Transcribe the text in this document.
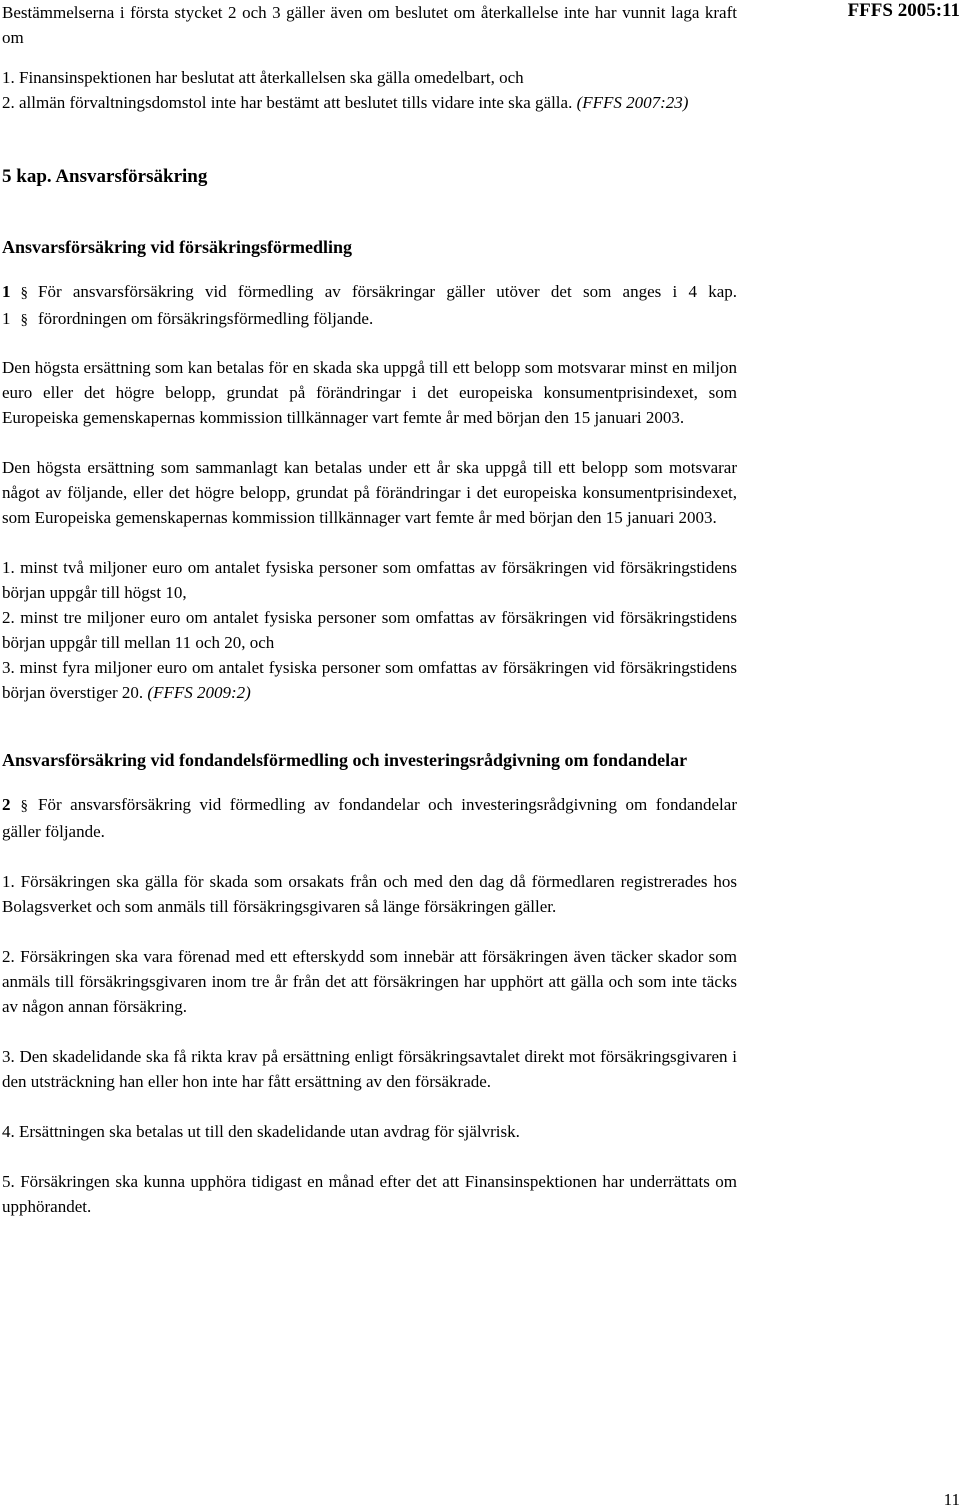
FFFS 2005:11

Bestämmelserna i första stycket 2 och 3 gäller även om beslutet om återkallelse inte har vunnit laga kraft om

1. Finansinspektionen har beslutat att återkallelsen ska gälla omedelbart, och

2. allmän förvaltningsdomstol inte har bestämt att beslutet tills vidare inte ska gälla. (FFFS 2007:23)

5 kap. Ansvarsförsäkring
Ansvarsförsäkring vid försäkringsförmedling

1 § För ansvarsförsäkring vid förmedling av försäkringar gäller utöver det som anges i 4 kap. 1 § förordningen om försäkringsförmedling följande.

Den högsta ersättning som kan betalas för en skada ska uppgå till ett belopp som motsvarar minst en miljon euro eller det högre belopp, grundat på förändringar i det europeiska konsumentprisindexet, som Europeiska gemenskapernas kommission tillkännager vart femte år med början den 15 januari 2003.

Den högsta ersättning som sammanlagt kan betalas under ett år ska uppgå till ett belopp som motsvarar något av följande, eller det högre belopp, grundat på förändringar i det europeiska konsumentprisindexet, som Europeiska gemenskapernas kommission tillkännager vart femte år med början den 15 januari 2003.

1. minst två miljoner euro om antalet fysiska personer som omfattas av försäkringen vid försäkringstidens början uppgår till högst 10,

2. minst tre miljoner euro om antalet fysiska personer som omfattas av försäkringen vid försäkringstidens början uppgår till mellan 11 och 20, och

3. minst fyra miljoner euro om antalet fysiska personer som omfattas av försäkringen vid försäkringstidens början överstiger 20. (FFFS 2009:2)

Ansvarsförsäkring vid fondandelsförmedling och investeringsrådgivning om fondandelar

2 § För ansvarsförsäkring vid förmedling av fondandelar och investeringsrådgivning om fondandelar gäller följande.

1. Försäkringen ska gälla för skada som orsakats från och med den dag då förmedlaren registrerades hos Bolagsverket och som anmäls till försäkringsgivaren så länge försäkringen gäller.

2. Försäkringen ska vara förenad med ett efterskydd som innebär att försäkringen även täcker skador som anmäls till försäkringsgivaren inom tre år från det att försäkringen har upphört att gälla och som inte täcks av någon annan försäkring.

3. Den skadelidande ska få rikta krav på ersättning enligt försäkringsavtalet direkt mot försäkringsgivaren i den utsträckning han eller hon inte har fått ersättning av den försäkrade.

4. Ersättningen ska betalas ut till den skadelidande utan avdrag för självrisk.

5. Försäkringen ska kunna upphöra tidigast en månad efter det att Finansinspektionen har underrättats om upphörandet.

11
